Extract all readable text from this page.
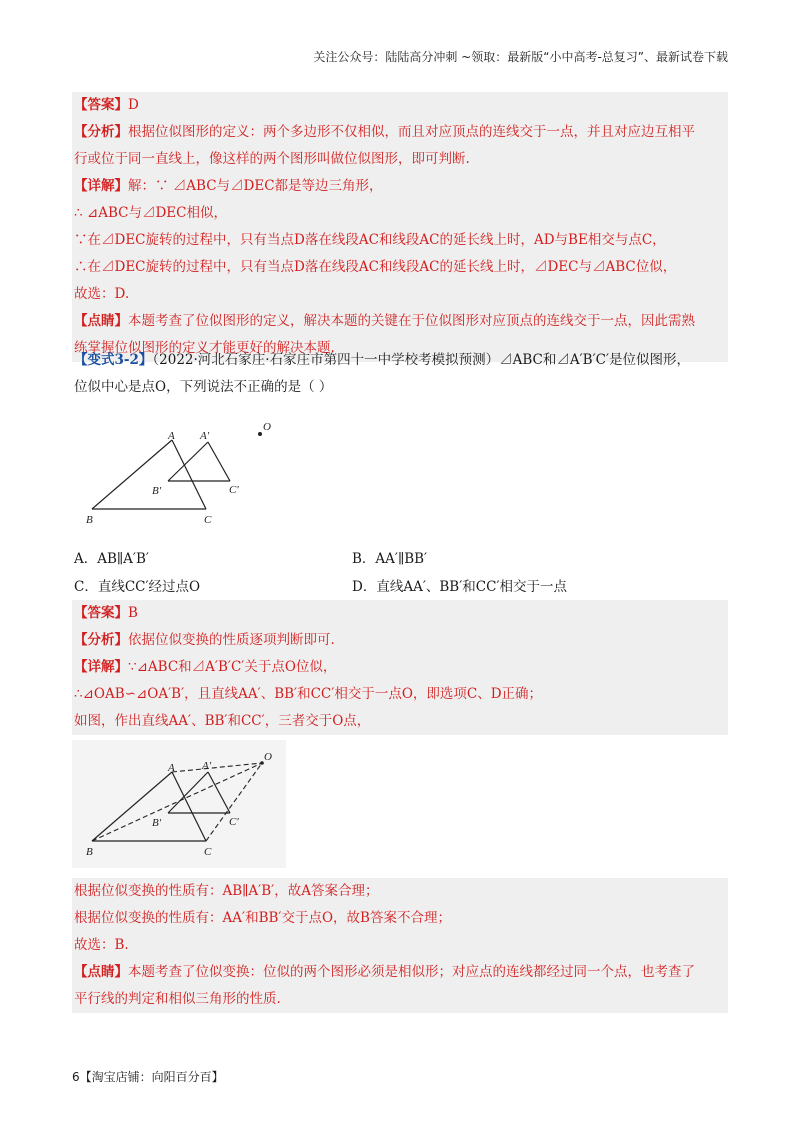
关注公众号：陆陆高分冲刺 ~领取：最新版“小中高考-总复习”、最新试卷下载
【答案】D
【分析】根据位似图形的定义：两个多边形不仅相似，而且对应顶点的连线交于一点，并且对应边互相平
行或位于同一直线上，像这样的两个图形叫做位似图形，即可判断.
【详解】解：∵ ⊿ABC与⊿DEC都是等边三角形，
∴ ⊿ABC与⊿DEC相似，
∵在⊿DEC旋转的过程中，只有当点D落在线段AC和线段AC的延长线上时，AD与BE相交与点C，
∴在⊿DEC旋转的过程中，只有当点D落在线段AC和线段AC的延长线上时，⊿DEC与⊿ABC位似，
故选：D.
【点睛】本题考查了位似图形的定义，解决本题的关键在于位似图形对应顶点的连线交于一点，因此需熟
练掌握位似图形的定义才能更好的解决本题.
【变式3-2】（2022·河北石家庄·石家庄市第四十一中学校考模拟预测）⊿ABC和⊿A′B′C′是位似图形，
位似中心是点O，下列说法不正确的是（ ）
A A′
O
B′	C′
B	C
A．AB∥A′B′	B．AA′∥BB′
C．直线CC′经过点O	D．直线AA′、BB′和CC′相交于一点
【答案】B
【分析】依据位似变换的性质逐项判断即可.
【详解】∵⊿ABC和⊿A′B′C′关于点O位似，
∴⊿OAB∽⊿OA′B′，且直线AA′、BB′和CC′相交于一点O，即选项C、D正确；
如图，作出直线AA′、BB′和CC′，三者交于O点，
A A′
O
B′	C′
B	C
根据位似变换的性质有：AB∥A′B′，故A答案合理；
根据位似变换的性质有：AA′和BB′交于点O，故B答案不合理；
故选：B.
【点睛】本题考查了位似变换：位似的两个图形必须是相似形；对应点的连线都经过同一个点，也考查了
平行线的判定和相似三角形的性质.
6【淘宝店铺：向阳百分百】
